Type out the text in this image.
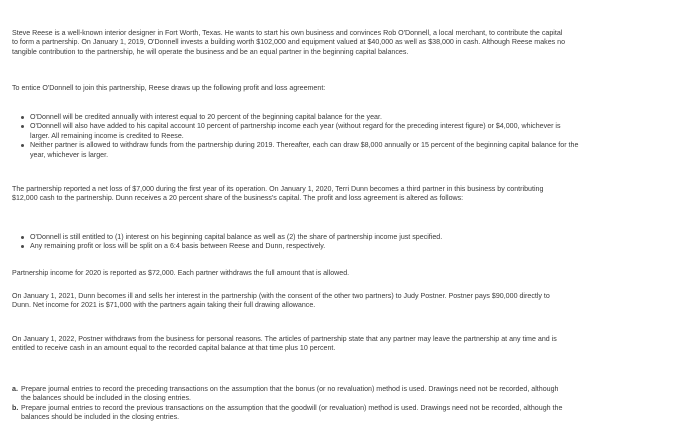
Steve Reese is a well-known interior designer in Fort Worth, Texas. He wants to start his own business and convinces Rob O'Donnell, a local merchant, to contribute the capital to form a partnership. On January 1, 2019, O'Donnell invests a building worth $102,000 and equipment valued at $40,000 as well as $38,000 in cash. Although Reese makes no tangible contribution to the partnership, he will operate the business and be an equal partner in the beginning capital balances.

To entice O'Donnell to join this partnership, Reese draws up the following profit and loss agreement:

O'Donnell will be credited annually with interest equal to 20 percent of the beginning capital balance for the year.
O'Donnell will also have added to his capital account 10 percent of partnership income each year (without regard for the preceding interest figure) or $4,000, whichever is larger. All remaining income is credited to Reese.
Neither partner is allowed to withdraw funds from the partnership during 2019. Thereafter, each can draw $8,000 annually or 15 percent of the beginning capital balance for the year, whichever is larger.

The partnership reported a net loss of $7,000 during the first year of its operation. On January 1, 2020, Terri Dunn becomes a third partner in this business by contributing $12,000 cash to the partnership. Dunn receives a 20 percent share of the business's capital. The profit and loss agreement is altered as follows:

O'Donnell is still entitled to (1) interest on his beginning capital balance as well as (2) the share of partnership income just specified.
Any remaining profit or loss will be split on a 6:4 basis between Reese and Dunn, respectively.

Partnership income for 2020 is reported as $72,000. Each partner withdraws the full amount that is allowed.

On January 1, 2021, Dunn becomes ill and sells her interest in the partnership (with the consent of the other two partners) to Judy Postner. Postner pays $90,000 directly to Dunn. Net income for 2021 is $71,000 with the partners again taking their full drawing allowance.

On January 1, 2022, Postner withdraws from the business for personal reasons. The articles of partnership state that any partner may leave the partnership at any time and is entitled to receive cash in an amount equal to the recorded capital balance at that time plus 10 percent.

a. Prepare journal entries to record the preceding transactions on the assumption that the bonus (or no revaluation) method is used. Drawings need not be recorded, although the balances should be included in the closing entries.
b. Prepare journal entries to record the previous transactions on the assumption that the goodwill (or revaluation) method is used. Drawings need not be recorded, although the balances should be included in the closing entries.
